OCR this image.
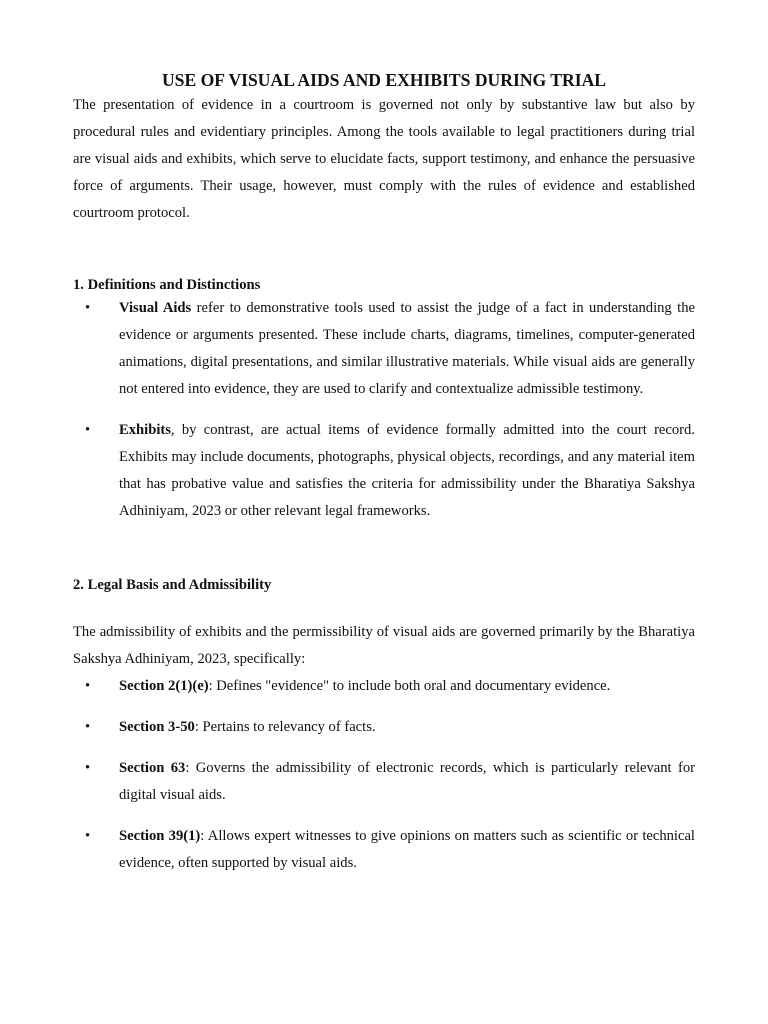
USE OF VISUAL AIDS AND EXHIBITS DURING TRIAL

The presentation of evidence in a courtroom is governed not only by substantive law but also by procedural rules and evidentiary principles. Among the tools available to legal practitioners during trial are visual aids and exhibits, which serve to elucidate facts, support testimony, and enhance the persuasive force of arguments. Their usage, however, must comply with the rules of evidence and established courtroom protocol.

1. Definitions and Distinctions

• Visual Aids refer to demonstrative tools used to assist the judge of a fact in understanding the evidence or arguments presented. These include charts, diagrams, timelines, computer-generated animations, digital presentations, and similar illustrative materials. While visual aids are generally not entered into evidence, they are used to clarify and contextualize admissible testimony.
• Exhibits, by contrast, are actual items of evidence formally admitted into the court record. Exhibits may include documents, photographs, physical objects, recordings, and any material item that has probative value and satisfies the criteria for admissibility under the Bharatiya Sakshya Adhiniyam, 2023 or other relevant legal frameworks.

2. Legal Basis and Admissibility

The admissibility of exhibits and the permissibility of visual aids are governed primarily by the Bharatiya Sakshya Adhiniyam, 2023, specifically:

• Section 2(1)(e): Defines "evidence" to include both oral and documentary evidence.
• Section 3-50: Pertains to relevancy of facts.
• Section 63: Governs the admissibility of electronic records, which is particularly relevant for digital visual aids.
• Section 39(1): Allows expert witnesses to give opinions on matters such as scientific or technical evidence, often supported by visual aids.
